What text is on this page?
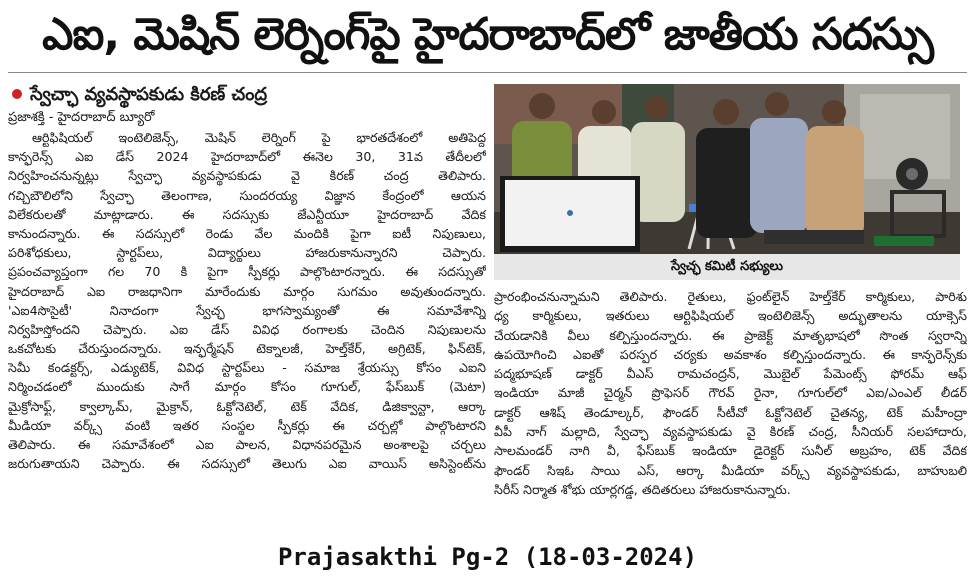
ఎఐ, మెషిన్ లెర్నింగ్‌పై హైదరాబాద్‌లో జాతీయ సదస్సు
స్వేచ్ఛా వ్యవస్థాపకుడు కిరణ్ చంద్ర
ప్రజాశక్తి - హైదరాబాద్ బ్యూరో
ఆర్టిఫిషియల్ ఇంటెలిజెన్స్, మెషిన్ లెర్నింగ్ పై భారతదేశంలో అతిపెద్ద
కాన్ఫరెన్స్ ఎఐ డేస్ 2024 హైదరాబాద్‌లో ఈనెల 30, 31వ తేదీలలో
నిర్వహించనున్నట్లు స్వేచ్ఛా వ్యవస్థాపకుడు వై కిరణ్ చంద్ర తెలిపారు.
గచ్చిబౌలిలోని స్వేచ్ఛా తెలంగాణ, సుందరయ్య విజ్ఞాన కేంద్రంలో ఆయన
విలేకరులతో మాట్లాడారు. ఈ సదస్సుకు జేఎన్టీయూ హైదరాబాద్ వేదిక
కానుందన్నారు. ఈ సదస్సులో రెండు వేల మందికి పైగా ఐటీ నిపుణులు,
పరిశోధకులు, స్టార్టప్‌లు, విద్యార్థులు హాజరుకానున్నారని చెప్పారు.
ప్రపంచవ్యాప్తంగా గల 70 కి పైగా స్పీకర్లు పాల్గొంటారన్నారు. ఈ సదస్సుతో
హైదరాబాద్ ఎఐ రాజధానిగా మారేందుకు మార్గం సుగమం అవుతుందన్నారు.
'ఎఐ4సొసైటీ' నినాదంగా స్వేచ్ఛ భాగస్వామ్యంతో ఈ సమావేశాన్ని
నిర్వహిస్తోందని చెప్పారు. ఎఐ డేస్ వివిధ రంగాలకు చెందిన నిపుణులను
ఒకచోటకు చేరుస్తుందన్నారు. ఇన్ఫర్మేషన్ టెక్నాలజీ, హెల్త్‌కేర్, అగ్రిటెక్, ఫిన్‌టెక్,
సెమీ కండక్టర్స్, ఎడ్యుటెక్, వివిధ స్టార్టప్‌లు - సమాజ శ్రేయస్సు కోసం ఎఐని
నిర్మించడంలో ముందుకు సాగే మార్గం కోసం గూగుల్, ఫేస్‌బుక్ (మెటా)
మైక్రోసాఫ్ట్, క్వాల్కామ్, మైక్రాన్, ఓక్టోనెటెల్, టెక్ వేదిక, డిజిక్వాన్టా, ఆర్కా
మీడియా వర్క్స్ వంటి ఇతర సంస్థల స్పీకర్లు ఈ చర్చల్లో పాల్గొంటారని
తెలిపారు. ఈ సమావేశంలో ఎఐ పాలన, విధానపరమైన అంశాలపై చర్చలు
జరుగుతాయని చెప్పారు. ఈ సదస్సులో తెలుగు ఎఐ వాయిస్ అసిస్టెంట్‌ను
స్వేచ్ఛ కమిటీ సభ్యులు
ప్రారంభించనున్నామని తెలిపారు. రైతులు, ఫ్రంట్‌లైన్ హెల్త్‌కేర్ కార్మికులు, పారిశు
ధ్య కార్మికులు, ఇతరులు ఆర్టిఫిషియల్ ఇంటెలిజెన్స్ అద్భుతాలను యాక్సెస్
చేయడానికి వీలు కల్పిస్తుందన్నారు. ఈ ప్రాజెక్ట్ మాతృభాషలో సొంత స్వరాన్ని
ఉపయోగించి ఎఐతో పరస్పర చర్యకు అవకాశం కల్పిస్తుందన్నారు. ఈ కాన్ఫరెన్స్‌కు
పద్మభూషణ్ డాక్టర్ వీఎస్ రామచంద్రన్, మొబైల్ పేమెంట్స్ ఫోరమ్ ఆఫ్
ఇండియా మాజీ చైర్మన్ ప్రొఫెసర్ గౌరవ్ రైనా, గూగుల్‌లో ఎఐ/ఎంఎల్ లీడర్
డాక్టర్ ఆశిష్ తెండూల్కర్, ఫౌండర్ సీటీవో ఓక్టోనెటెల్ చైతన్య, టెక్ మహీంద్రా
వీపీ నాగ్ మల్లాది, స్వేచ్ఛా వ్యవస్థాపకుడు వై కిరణ్ చంద్ర, సీనియర్ సలహాదారు,
సాలమండర్ నాగి వీ, ఫేస్‌బుక్ ఇండియా డైరెక్టర్ సునీల్ అబ్రహం, టెక్ వేదిక
ఫౌండర్ సిఇఓ సాయి ఎస్, ఆర్కా మీడియా వర్క్స్ వ్యవస్థాపకుడు, బాహుబలి
సిరీస్ నిర్మాత శోభు యార్లగడ్డ, తదితరులు హాజరుకానున్నారు.
Prajasakthi Pg-2 (18-03-2024)
